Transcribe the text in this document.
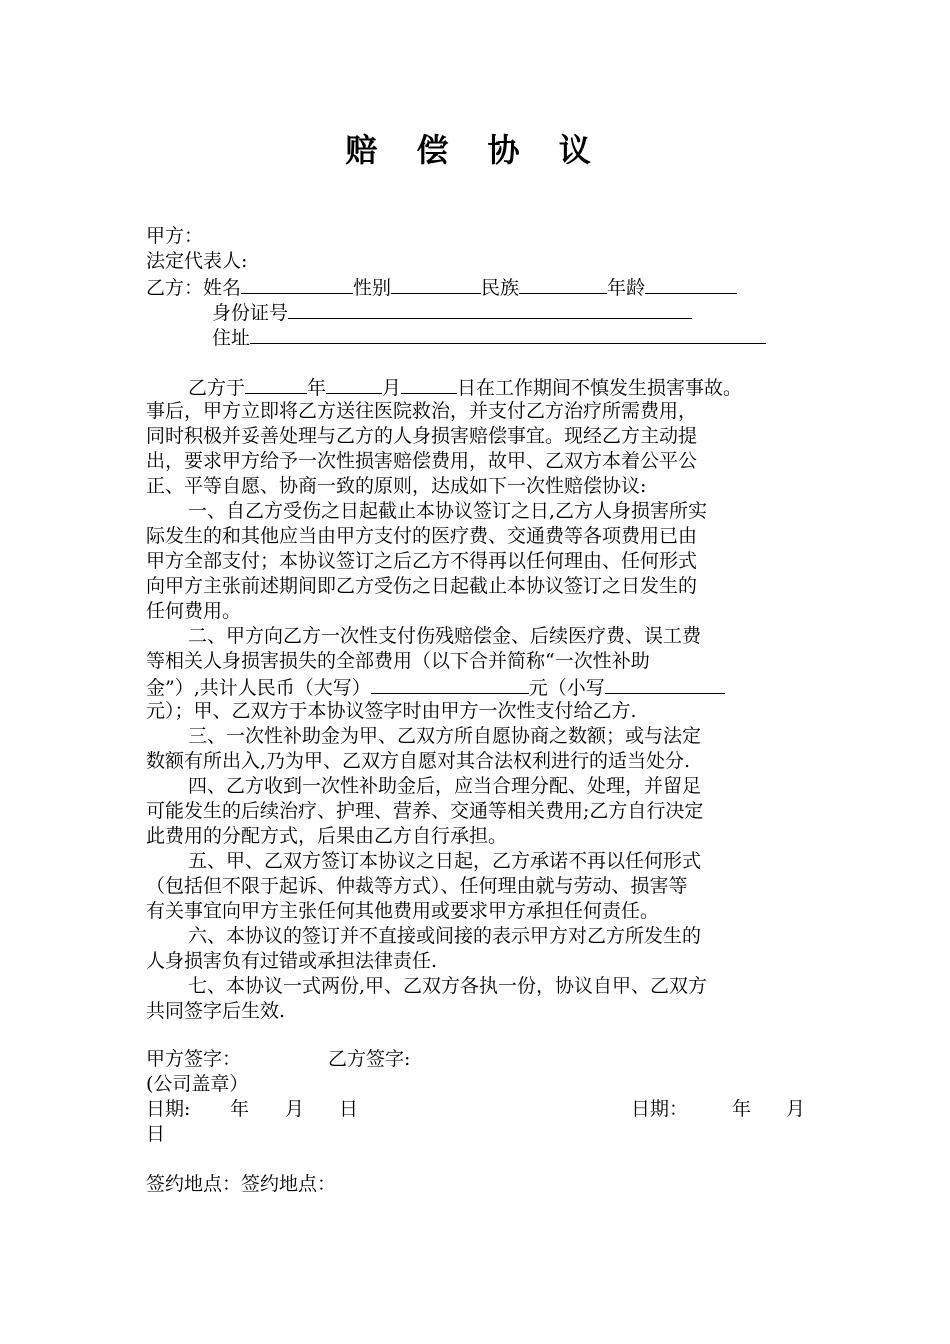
赔 偿 协 议
甲方：
法定代表人:
乙方：姓名	性别	民族	年龄
身份证号
住址
乙方于	年	月	日在工作期间不慎发生损害事故。
事后，甲方立即将乙方送往医院救治，并支付乙方治疗所需费用，
同时积极并妥善处理与乙方的人身损害赔偿事宜。现经乙方主动提
出，要求甲方给予一次性损害赔偿费用，故甲、乙双方本着公平公
正、平等自愿、协商一致的原则，达成如下一次性赔偿协议:
一、自乙方受伤之日起截止本协议签订之日,乙方人身损害所实
际发生的和其他应当由甲方支付的医疗费、交通费等各项费用已由
甲方全部支付；本协议签订之后乙方不得再以任何理由、任何形式
向甲方主张前述期间即乙方受伤之日起截止本协议签订之日发生的
任何费用。
二、甲方向乙方一次性支付伤残赔偿金、后续医疗费、误工费
等相关人身损害损失的全部费用（以下合并简称“一次性补助
金”）,共计人民币（大写）	元（小写
元）；甲、乙双方于本协议签字时由甲方一次性支付给乙方.
三、一次性补助金为甲、乙双方所自愿协商之数额；或与法定
数额有所出入,乃为甲、乙双方自愿对其合法权利进行的适当处分.
四、乙方收到一次性补助金后，应当合理分配、处理，并留足
可能发生的后续治疗、护理、营养、交通等相关费用;乙方自行决定
此费用的分配方式，后果由乙方自行承担。
五、甲、乙双方签订本协议之日起，乙方承诺不再以任何形式
（包括但不限于起诉、仲裁等方式）、任何理由就与劳动、损害等
有关事宜向甲方主张任何其他费用或要求甲方承担任何责任。
六、本协议的签订并不直接或间接的表示甲方对乙方所发生的
人身损害负有过错或承担法律责任.
七、本协议一式两份,甲、乙双方各执一份，协议自甲、乙双方
共同签字后生效.
甲方签字：	乙方签字:
(公司盖章）
日期: 年 月 日	日期： 年 月
日
签约地点：签约地点：
